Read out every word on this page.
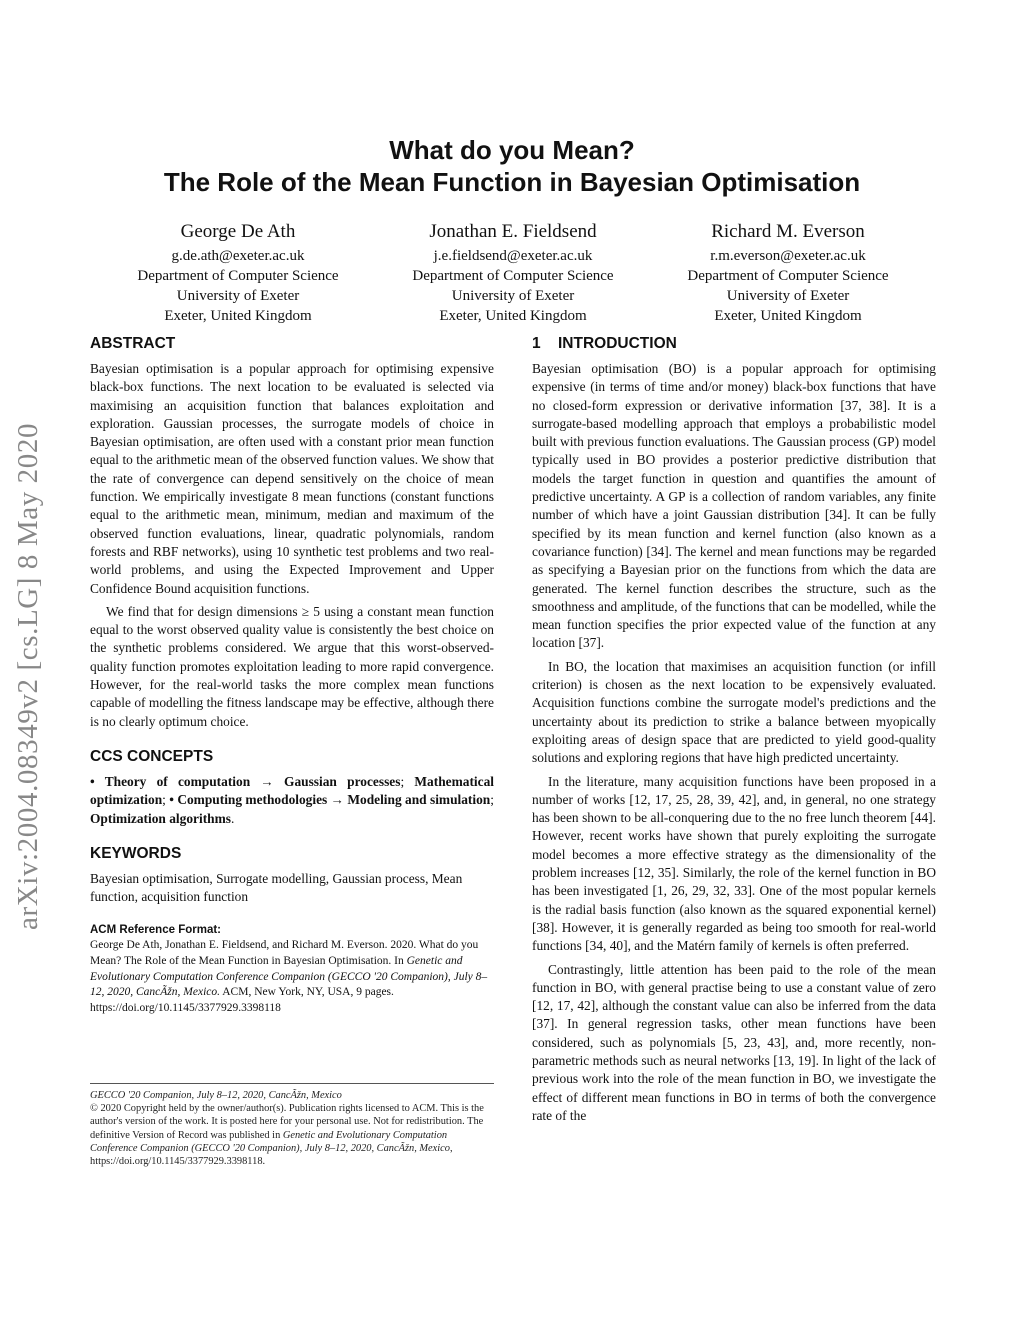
arXiv:2004.08349v2 [cs.LG] 8 May 2020
What do you Mean?
The Role of the Mean Function in Bayesian Optimisation
George De Ath
g.de.ath@exeter.ac.uk
Department of Computer Science
University of Exeter
Exeter, United Kingdom
Jonathan E. Fieldsend
j.e.fieldsend@exeter.ac.uk
Department of Computer Science
University of Exeter
Exeter, United Kingdom
Richard M. Everson
r.m.everson@exeter.ac.uk
Department of Computer Science
University of Exeter
Exeter, United Kingdom
ABSTRACT

Bayesian optimisation is a popular approach for optimising expensive black-box functions. The next location to be evaluated is selected via maximising an acquisition function that balances exploitation and exploration. Gaussian processes, the surrogate models of choice in Bayesian optimisation, are often used with a constant prior mean function equal to the arithmetic mean of the observed function values. We show that the rate of convergence can depend sensitively on the choice of mean function. We empirically investigate 8 mean functions (constant functions equal to the arithmetic mean, minimum, median and maximum of the observed function evaluations, linear, quadratic polynomials, random forests and RBF networks), using 10 synthetic test problems and two real-world problems, and using the Expected Improvement and Upper Confidence Bound acquisition functions.

We find that for design dimensions ≥ 5 using a constant mean function equal to the worst observed quality value is consistently the best choice on the synthetic problems considered. We argue that this worst-observed-quality function promotes exploitation leading to more rapid convergence. However, for the real-world tasks the more complex mean functions capable of modelling the fitness landscape may be effective, although there is no clearly optimum choice.

CCS CONCEPTS

• Theory of computation → Gaussian processes; Mathematical optimization; • Computing methodologies → Modeling and simulation; Optimization algorithms.

KEYWORDS

Bayesian optimisation, Surrogate modelling, Gaussian process, Mean function, acquisition function

ACM Reference Format:

George De Ath, Jonathan E. Fieldsend, and Richard M. Everson. 2020. What do you Mean? The Role of the Mean Function in Bayesian Optimisation. In Genetic and Evolutionary Computation Conference Companion (GECCO '20 Companion), July 8–12, 2020, CancÃžn, Mexico. ACM, New York, NY, USA, 9 pages. https://doi.org/10.1145/3377929.3398118

GECCO '20 Companion, July 8–12, 2020, CancÃžn, Mexico
© 2020 Copyright held by the owner/author(s). Publication rights licensed to ACM. This is the author's version of the work. It is posted here for your personal use. Not for redistribution. The definitive Version of Record was published in Genetic and Evolutionary Computation Conference Companion (GECCO '20 Companion), July 8–12, 2020, CancÃžn, Mexico, https://doi.org/10.1145/3377929.3398118.
1 INTRODUCTION

Bayesian optimisation (BO) is a popular approach for optimising expensive (in terms of time and/or money) black-box functions that have no closed-form expression or derivative information [37, 38]. It is a surrogate-based modelling approach that employs a probabilistic model built with previous function evaluations. The Gaussian process (GP) model typically used in BO provides a posterior predictive distribution that models the target function in question and quantifies the amount of predictive uncertainty. A GP is a collection of random variables, any finite number of which have a joint Gaussian distribution [34]. It can be fully specified by its mean function and kernel function (also known as a covariance function) [34]. The kernel and mean functions may be regarded as specifying a Bayesian prior on the functions from which the data are generated. The kernel function describes the structure, such as the smoothness and amplitude, of the functions that can be modelled, while the mean function specifies the prior expected value of the function at any location [37].

In BO, the location that maximises an acquisition function (or infill criterion) is chosen as the next location to be expensively evaluated. Acquisition functions combine the surrogate model's predictions and the uncertainty about its prediction to strike a balance between myopically exploiting areas of design space that are predicted to yield good-quality solutions and exploring regions that have high predicted uncertainty.

In the literature, many acquisition functions have been proposed in a number of works [12, 17, 25, 28, 39, 42], and, in general, no one strategy has been shown to be all-conquering due to the no free lunch theorem [44]. However, recent works have shown that purely exploiting the surrogate model becomes a more effective strategy as the dimensionality of the problem increases [12, 35]. Similarly, the role of the kernel function in BO has been investigated [1, 26, 29, 32, 33]. One of the most popular kernels is the radial basis function (also known as the squared exponential kernel) [38]. However, it is generally regarded as being too smooth for real-world functions [34, 40], and the Matérn family of kernels is often preferred.

Contrastingly, little attention has been paid to the role of the mean function in BO, with general practise being to use a constant value of zero [12, 17, 42], although the constant value can also be inferred from the data [37]. In general regression tasks, other mean functions have been considered, such as polynomials [5, 23, 43], and, more recently, non-parametric methods such as neural networks [13, 19]. In light of the lack of previous work into the role of the mean function in BO, we investigate the effect of different mean functions in BO in terms of both the convergence rate of the
